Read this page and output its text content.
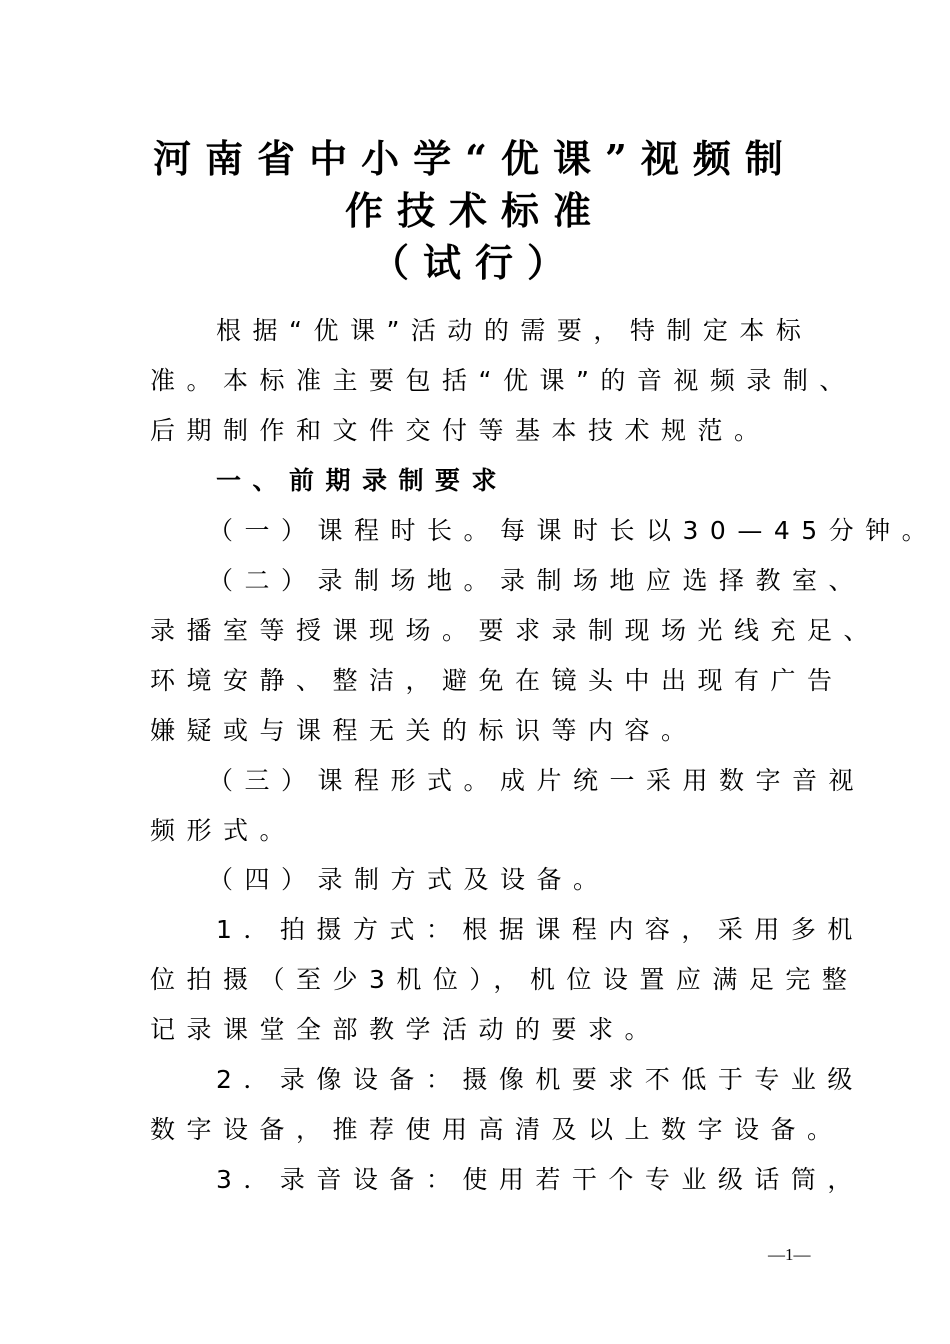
河南省中小学“优课”视频制
作技术标准
（试行）
根据“优课”活动的需要，特制定本标
准。本标准主要包括“优课”的音视频录制、
后期制作和文件交付等基本技术规范。
一、前期录制要求
（一）课程时长。每课时长以30—45分钟。
（二）录制场地。录制场地应选择教室、
录播室等授课现场。要求录制现场光线充足、
环境安静、整洁，避免在镜头中出现有广告
嫌疑或与课程无关的标识等内容。
（三）课程形式。成片统一采用数字音视
频形式。
（四）录制方式及设备。
1．拍摄方式：根据课程内容，采用多机
位拍摄（至少3机位），机位设置应满足完整
记录课堂全部教学活动的要求。
2．录像设备：摄像机要求不低于专业级
数字设备，推荐使用高清及以上数字设备。
3．录音设备：使用若干个专业级话筒，
—1—
